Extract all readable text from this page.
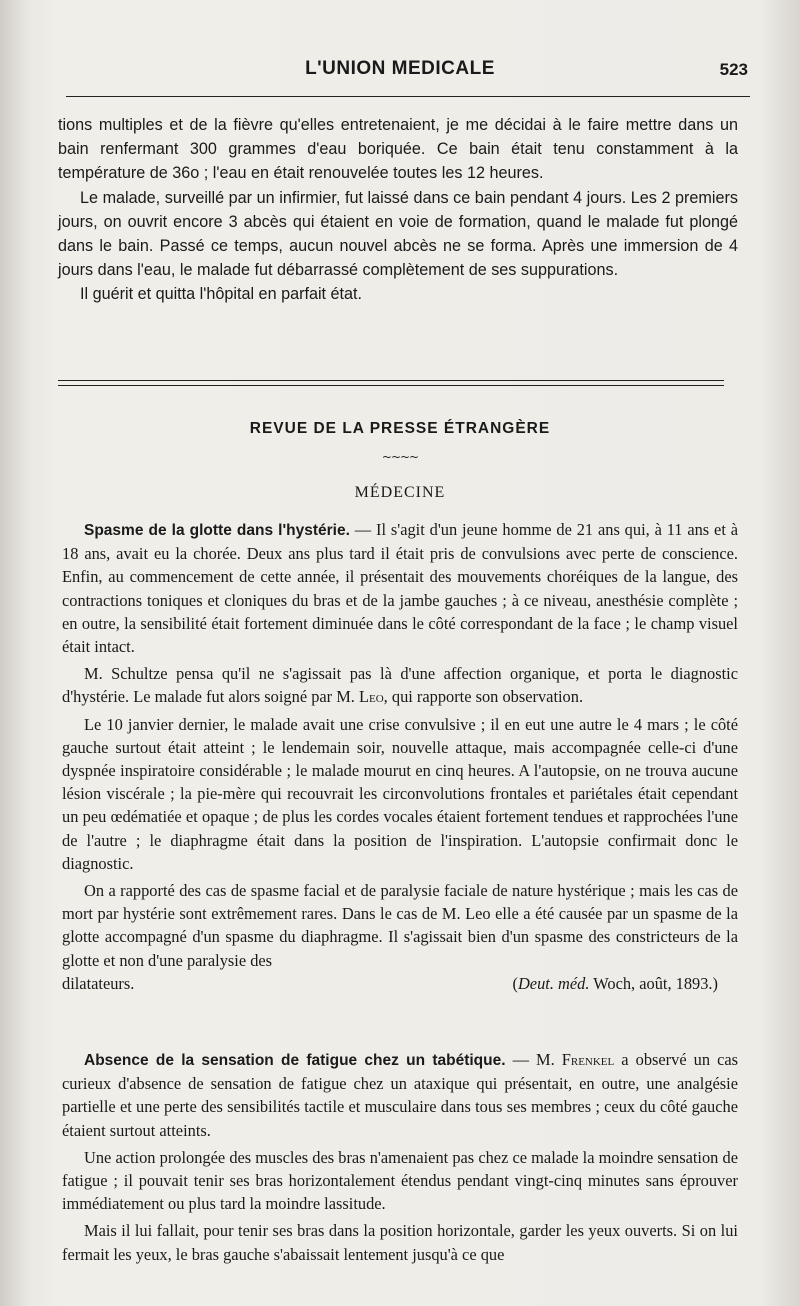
L'UNION MEDICALE	523

tions multiples et de la fièvre qu'elles entretenaient, je me décidai à le faire mettre dans un bain renfermant 300 grammes d'eau boriquée. Ce bain était tenu constamment à la température de 36o ; l'eau en était renouvelée toutes les 12 heures.

Le malade, surveillé par un infirmier, fut laissé dans ce bain pendant 4 jours. Les 2 premiers jours, on ouvrit encore 3 abcès qui étaient en voie de formation, quand le malade fut plongé dans le bain. Passé ce temps, aucun nouvel abcès ne se forma. Après une immersion de 4 jours dans l'eau, le malade fut débarrassé complètement de ses suppurations.

Il guérit et quitta l'hôpital en parfait état.

REVUE DE LA PRESSE ÉTRANGÈRE
~~~~
MÉDECINE

Spasme de la glotte dans l'hystérie. — Il s'agit d'un jeune homme de 21 ans qui, à 11 ans et à 18 ans, avait eu la chorée. Deux ans plus tard il était pris de convulsions avec perte de conscience. Enfin, au commencement de cette année, il présentait des mouvements choréiques de la langue, des contractions toniques et cloniques du bras et de la jambe gauches ; à ce niveau, anesthésie complète ; en outre, la sensibilité était fortement diminuée dans le côté correspondant de la face ; le champ visuel était intact.

M. Schultze pensa qu'il ne s'agissait pas là d'une affection organique, et porta le diagnostic d'hystérie. Le malade fut alors soigné par M. Leo, qui rapporte son observation.

Le 10 janvier dernier, le malade avait une crise convulsive ; il en eut une autre le 4 mars ; le côté gauche surtout était atteint ; le lendemain soir, nouvelle attaque, mais accompagnée celle-ci d'une dyspnée inspiratoire considérable ; le malade mourut en cinq heures. A l'autopsie, on ne trouva aucune lésion viscérale ; la pie-mère qui recouvrait les circonvolutions frontales et pariétales était cependant un peu œdématiée et opaque ; de plus les cordes vocales étaient fortement tendues et rapprochées l'une de l'autre ; le diaphragme était dans la position de l'inspiration. L'autopsie confirmait donc le diagnostic.

On a rapporté des cas de spasme facial et de paralysie faciale de nature hystérique ; mais les cas de mort par hystérie sont extrêmement rares. Dans le cas de M. Leo elle a été causée par un spasme de la glotte accompagné d'un spasme du diaphragme. Il s'agissait bien d'un spasme des constricteurs de la glotte et non d'une paralysie des

dilatateurs.	(Deut. méd. Woch, août, 1893.)

Absence de la sensation de fatigue chez un tabétique. — M. Frenkel a observé un cas curieux d'absence de sensation de fatigue chez un ataxique qui présentait, en outre, une analgésie partielle et une perte des sensibilités tactile et musculaire dans tous ses membres ; ceux du côté gauche étaient surtout atteints.

Une action prolongée des muscles des bras n'amenaient pas chez ce malade la moindre sensation de fatigue ; il pouvait tenir ses bras horizontalement étendus pendant vingt-cinq minutes sans éprouver immédiatement ou plus tard la moindre lassitude.

Mais il lui fallait, pour tenir ses bras dans la position horizontale, garder les yeux ouverts. Si on lui fermait les yeux, le bras gauche s'abaissait lentement jusqu'à ce que
